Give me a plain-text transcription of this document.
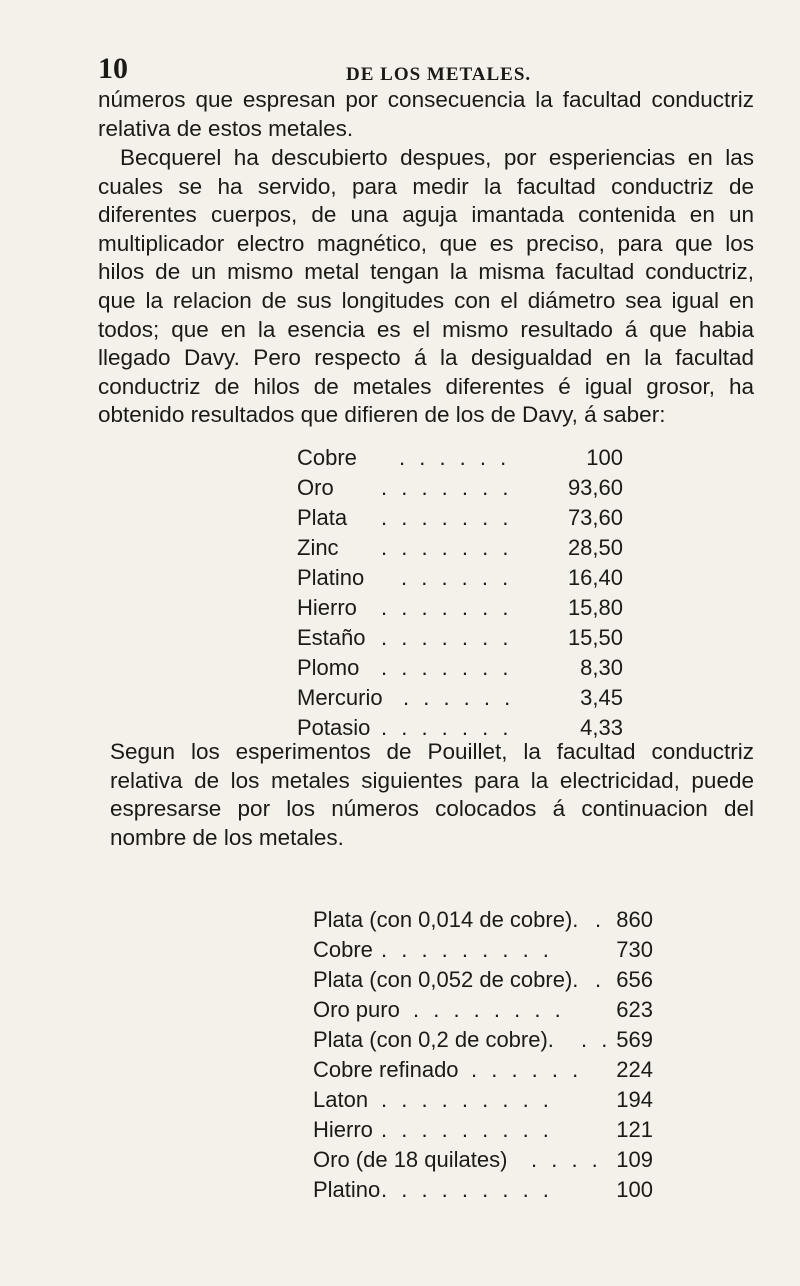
10	DE LOS METALES.

números que espresan por consecuencia la facultad conductriz relativa de estos metales.

Becquerel ha descubierto despues, por esperiencias en las cuales se ha servido, para medir la facultad conductriz de diferentes cuerpos, de una aguja imantada contenida en un multiplicador electro magnético, que es preciso, para que los hilos de un mismo metal tengan la misma facultad conductriz, que la relacion de sus longitudes con el diámetro sea igual en todos; que en la esencia es el mismo resultado á que habia llegado Davy. Pero respecto á la desigualdad en la facultad conductriz de hilos de metales diferentes é igual grosor, ha obtenido resultados que difieren de los de Davy, á saber:

Cobre . . . . . .	100
Oro . . . . . . .	93,60
Plata . . . . . . .	73,60
Zinc . . . . . . .	28,50
Platino . . . . . .	16,40
Hierro . . . . . . .	15,80
Estaño . . . . . . .	15,50
Plomo . . . . . . .	8,30
Mercurio . . . . . .	3,45
Potasio . . . . . . .	4,33

Segun los esperimentos de Pouillet, la facultad conductriz relativa de los metales siguientes para la electricidad, puede espresarse por los números colocados á continuacion del nombre de los metales.

Plata (con 0,014 de cobre). . 860
Cobre . . . . . . . . .	730
Plata (con 0,052 de cobre). . 656
Oro puro . . . . . . . . 623
Plata (con 0,2 de cobre). . . 569
Cobre refinado . . . . . . 224
Laton . . . . . . . . .	194
Hierro . . . . . . . . .	121
Oro (de 18 quilates) . . . . 109
Platino . . . . . . . . .	100
